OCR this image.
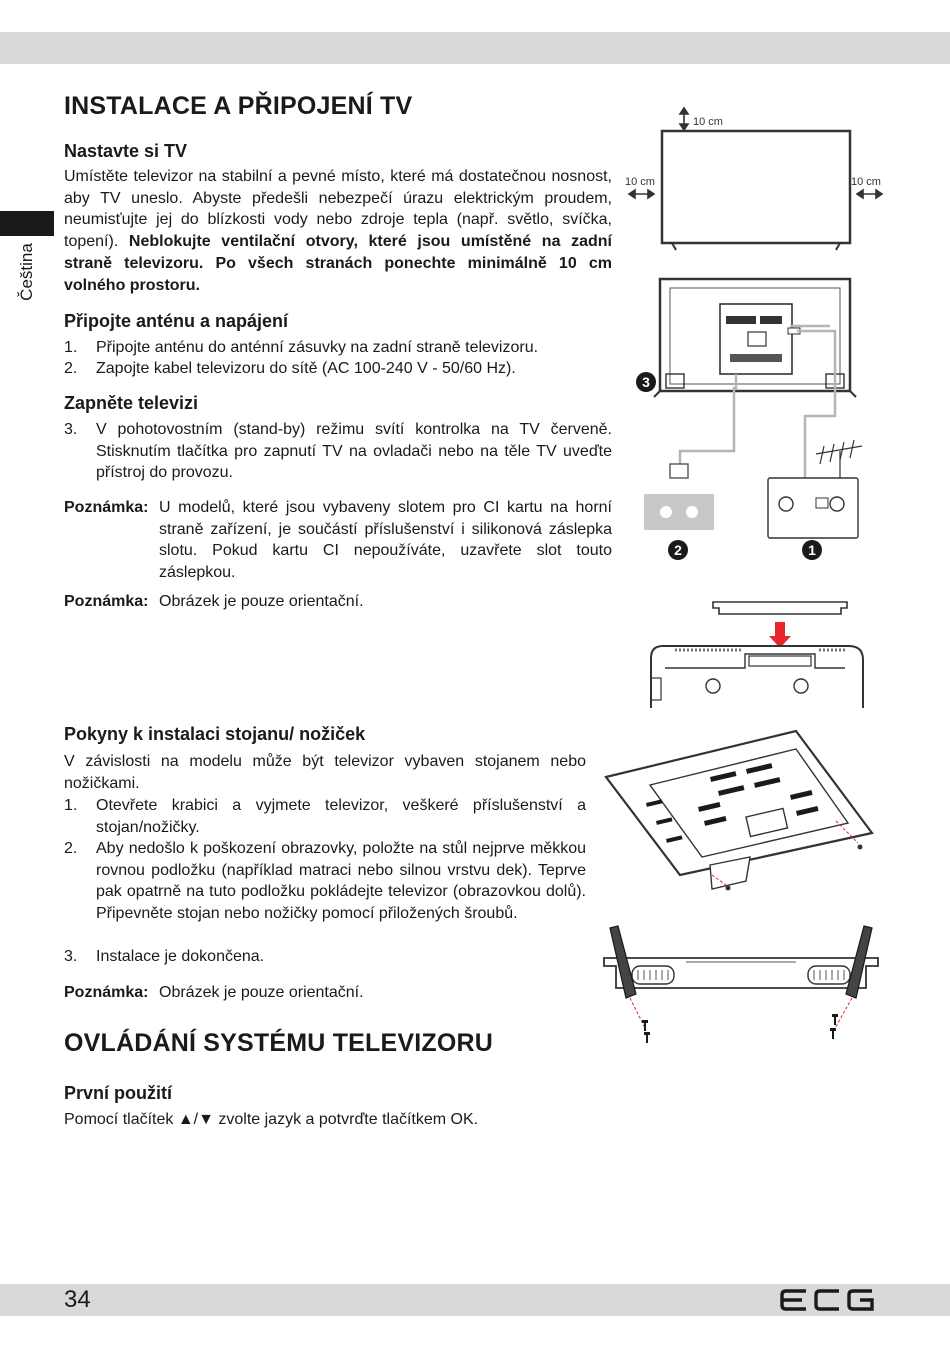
34
Čeština
INSTALACE A PŘIPOJENÍ TV
Nastavte si TV
Umístěte televizor na stabilní a pevné místo, které má dostatečnou nosnost, aby TV uneslo. Abyste předešli nebezpečí úrazu elektrickým proudem, neumisťujte jej do blízkosti vody nebo zdroje tepla (např. světlo, svíčka, topení). Neblokujte ventilační otvory, které jsou umístěné na zadní straně televizoru. Po všech stranách ponechte minimálně 10 cm volného prostoru.
Připojte anténu a napájení
1.	Připojte anténu do anténní zásuvky na zadní straně televizoru.
2.	Zapojte kabel televizoru do sítě (AC 100-240 V - 50/60 Hz).
Zapněte televizi
3.	V pohotovostním (stand-by) režimu svítí kontrolka na TV červeně. Stisknutím tlačítka pro zapnutí TV na ovladači nebo na těle TV uveďte přístroj do provozu.
Poznámka: U modelů, které jsou vybaveny slotem pro CI kartu na horní straně zařízení, je součástí příslušenství i silikonová záslepka slotu. Pokud kartu CI nepoužíváte, uzavřete slot touto záslepkou.
Poznámka: Obrázek je pouze orientační.
Pokyny k instalaci stojanu/ nožiček
V závislosti na modelu může být televizor vybaven stojanem nebo nožičkami.
1.	Otevřete krabici a vyjmete televizor, veškeré příslušenství a stojan/nožičky.
2.	Aby nedošlo k poškození obrazovky, položte na stůl nejprve měkkou rovnou podložku (například matraci nebo silnou vrstvu dek). Teprve pak opatrně na tuto podložku pokládejte televizor (obrazovkou dolů). Připevněte stojan nebo nožičky pomocí přiložených šroubů.
3.	Instalace je dokončena.
Poznámka: Obrázek je pouze orientační.
OVLÁDÁNÍ SYSTÉMU TELEVIZORU
První použití
Pomocí tlačítek ▲/▼ zvolte jazyk a potvrďte tlačítkem OK.
10 cm
10 cm	10 cm
3
2	1
